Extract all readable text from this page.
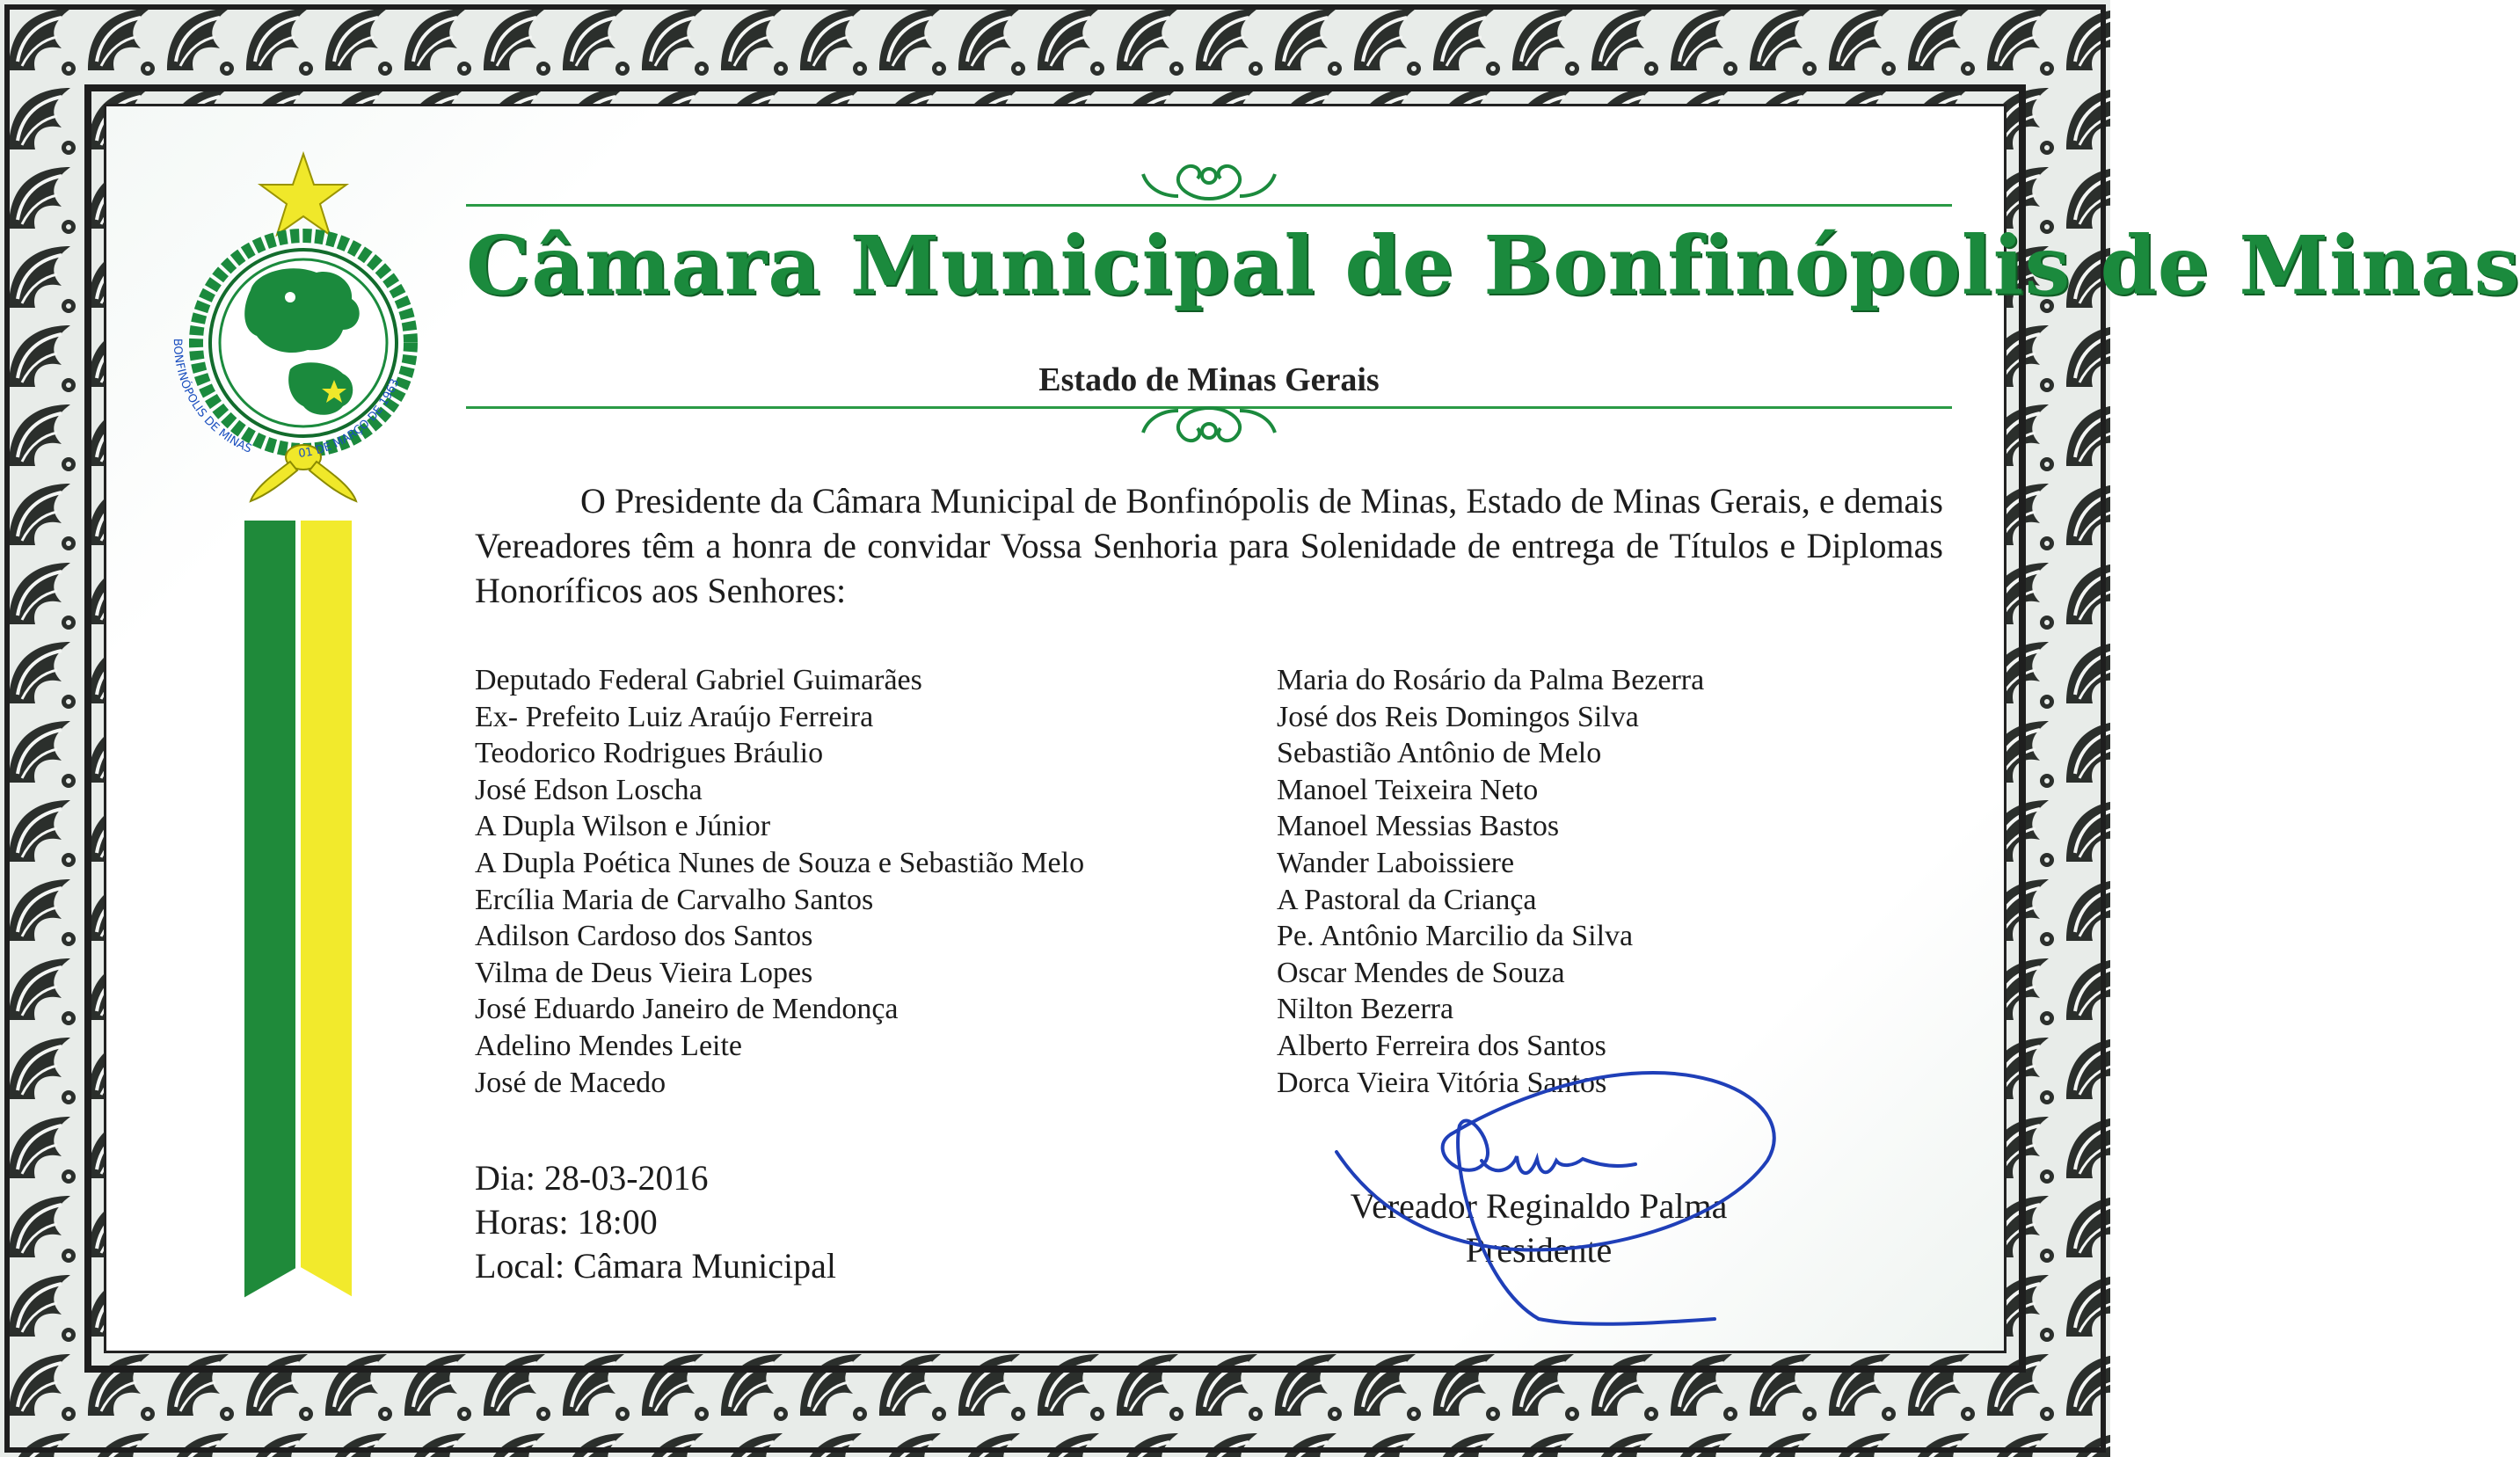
BONFINÓPOLIS DE MINAS	01 DE MARÇO DE 1963
Câmara Municipal de Bonfinópolis de Minas
Estado de Minas Gerais
O Presidente da Câmara Municipal de Bonfinópolis de Minas, Estado de Minas Gerais, e demais Vereadores têm a honra de convidar Vossa Senhoria para Solenidade de entrega de Títulos e Diplomas Honoríficos aos Senhores:
Deputado Federal Gabriel Guimarães
Ex- Prefeito Luiz Araújo Ferreira
Teodorico Rodrigues Bráulio
José Edson Loscha
A Dupla Wilson e Júnior
A Dupla Poética Nunes de Souza e Sebastião Melo
Ercília Maria de Carvalho Santos
Adilson Cardoso dos Santos
Vilma de Deus Vieira Lopes
José Eduardo Janeiro de Mendonça
Adelino Mendes Leite
José de Macedo
Maria do Rosário da Palma Bezerra
José dos Reis Domingos Silva
Sebastião Antônio de Melo
Manoel Teixeira Neto
Manoel Messias Bastos
Wander Laboissiere
A Pastoral da Criança
Pe. Antônio Marcilio da Silva
Oscar Mendes de Souza
Nilton Bezerra
Alberto Ferreira dos Santos
Dorca Vieira Vitória Santos
Dia: 28-03-2016
Horas: 18:00
Local: Câmara Municipal
Vereador Reginaldo Palma
Presidente
